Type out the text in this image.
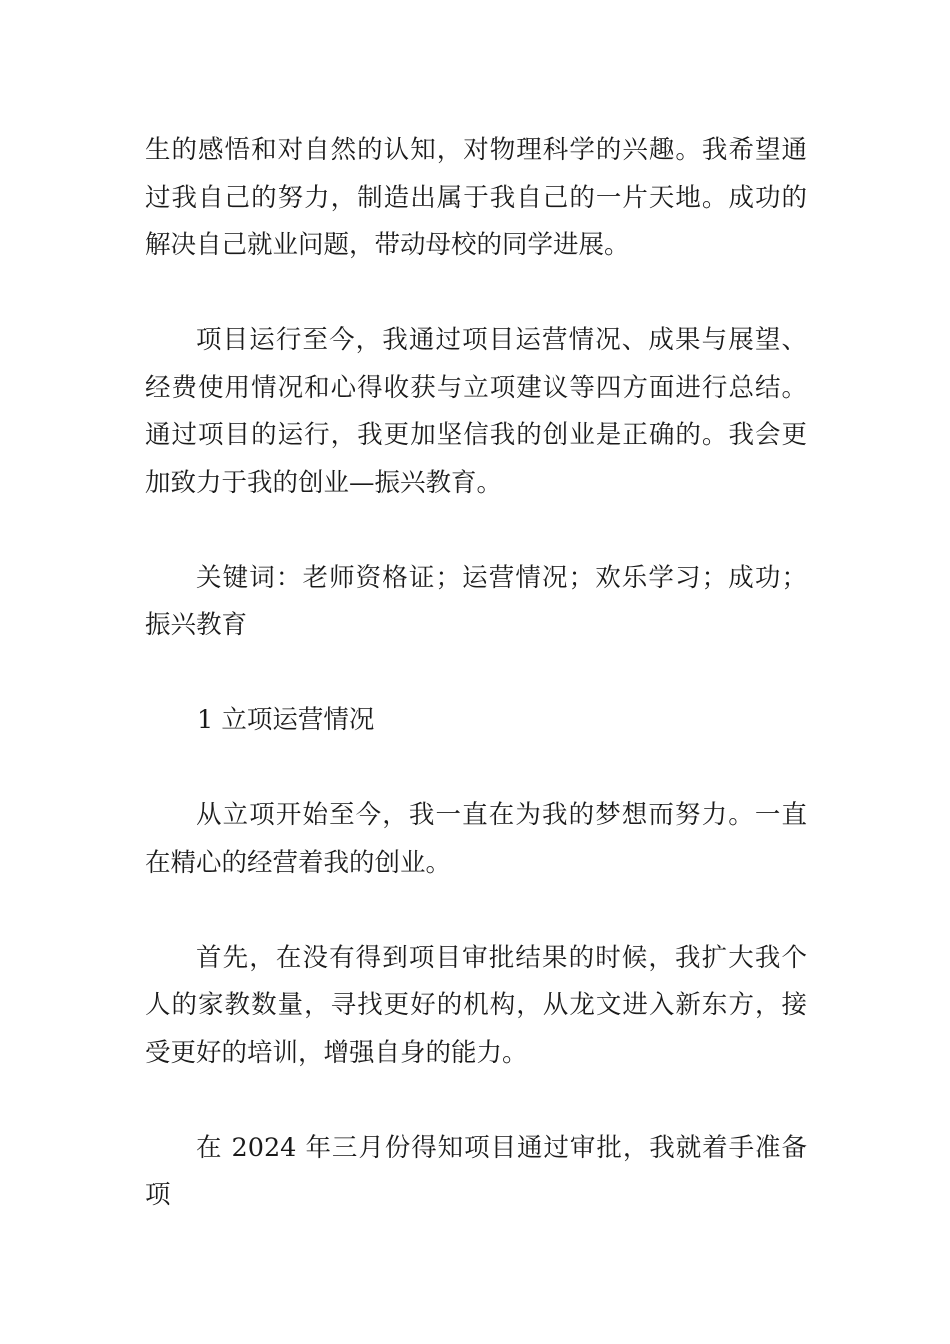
生的感悟和对自然的认知，对物理科学的兴趣。我希望通过我自己的努力，制造出属于我自己的一片天地。成功的解决自己就业问题，带动母校的同学进展。

项目运行至今，我通过项目运营情况、成果与展望、经费使用情况和心得收获与立项建议等四方面进行总结。通过项目的运行，我更加坚信我的创业是正确的。我会更加致力于我的创业—振兴教育。

关键词：老师资格证；运营情况；欢乐学习；成功；振兴教育

1 立项运营情况

从立项开始至今，我一直在为我的梦想而努力。一直在精心的经营着我的创业。

首先，在没有得到项目审批结果的时候，我扩大我个人的家教数量，寻找更好的机构，从龙文进入新东方，接受更好的培训，增强自身的能力。

在 2024 年三月份得知项目通过审批，我就着手准备项
